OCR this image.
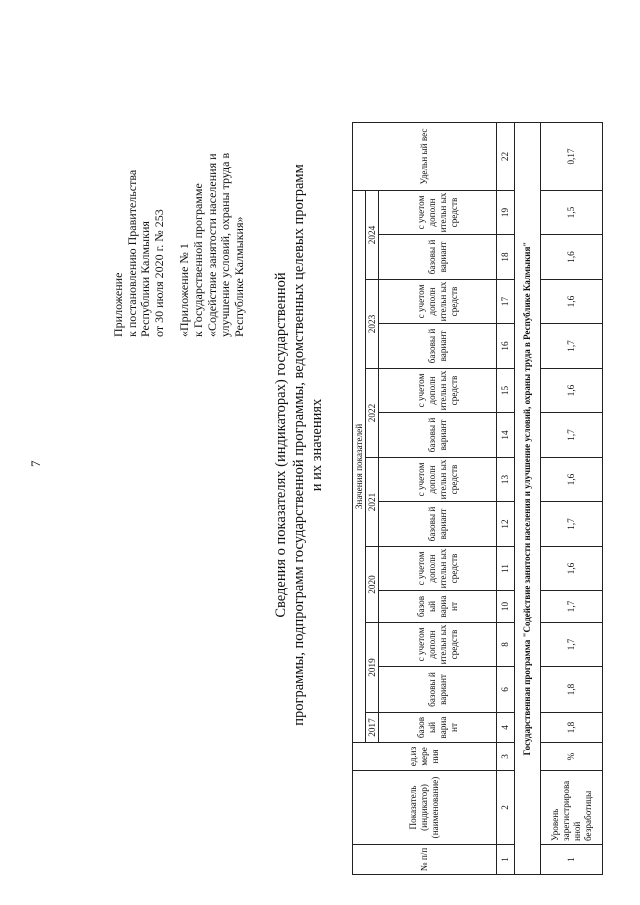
7
Приложение к постановлению Правительства Республики Калмыкия от 30 июля 2020 г. № 253 «Приложение № 1 к Государственной программе «Содействие занятости населения и улучшение условий, охраны труда в Республике Калмыкия» Сведения о показателях (индикаторах) государственной программы, подпрограмм государственной программы, ведомственных целевых программ и их значениях
№ п/п	Показатель (индикатор) (наименование)	ед.из мере ния	Значения показателей													Удельн ый вес
			2017	2019		2020		2021		2022		2023		2024		
			базов ый вариа нт	базовы й вариант	с учетом дополн ительн ых средств	базов ый вариа нт	с учетом дополн ительн ых средств	базовы й вариант	с учетом дополн ительн ых средств	базовы й вариант	с учетом дополн ительн ых средств	базовы й вариант	с учетом дополн ительн ых средств	базовы й вариант	с учетом дополн ительн ых средств	
1	2	3	4	6	8	10	11	12	13	14	15	16	17	18	19	22
Государственная программа "Содействие занятости населения и улучшение условий, охраны труда в Республике Калмыкия"																
1	Уровень зарегистрирова нной безработицы	%	1,8	1,8	1,7	1,7	1,6	1,7	1,6	1,7	1,6	1,7	1,6	1,6	1,5	0,17
